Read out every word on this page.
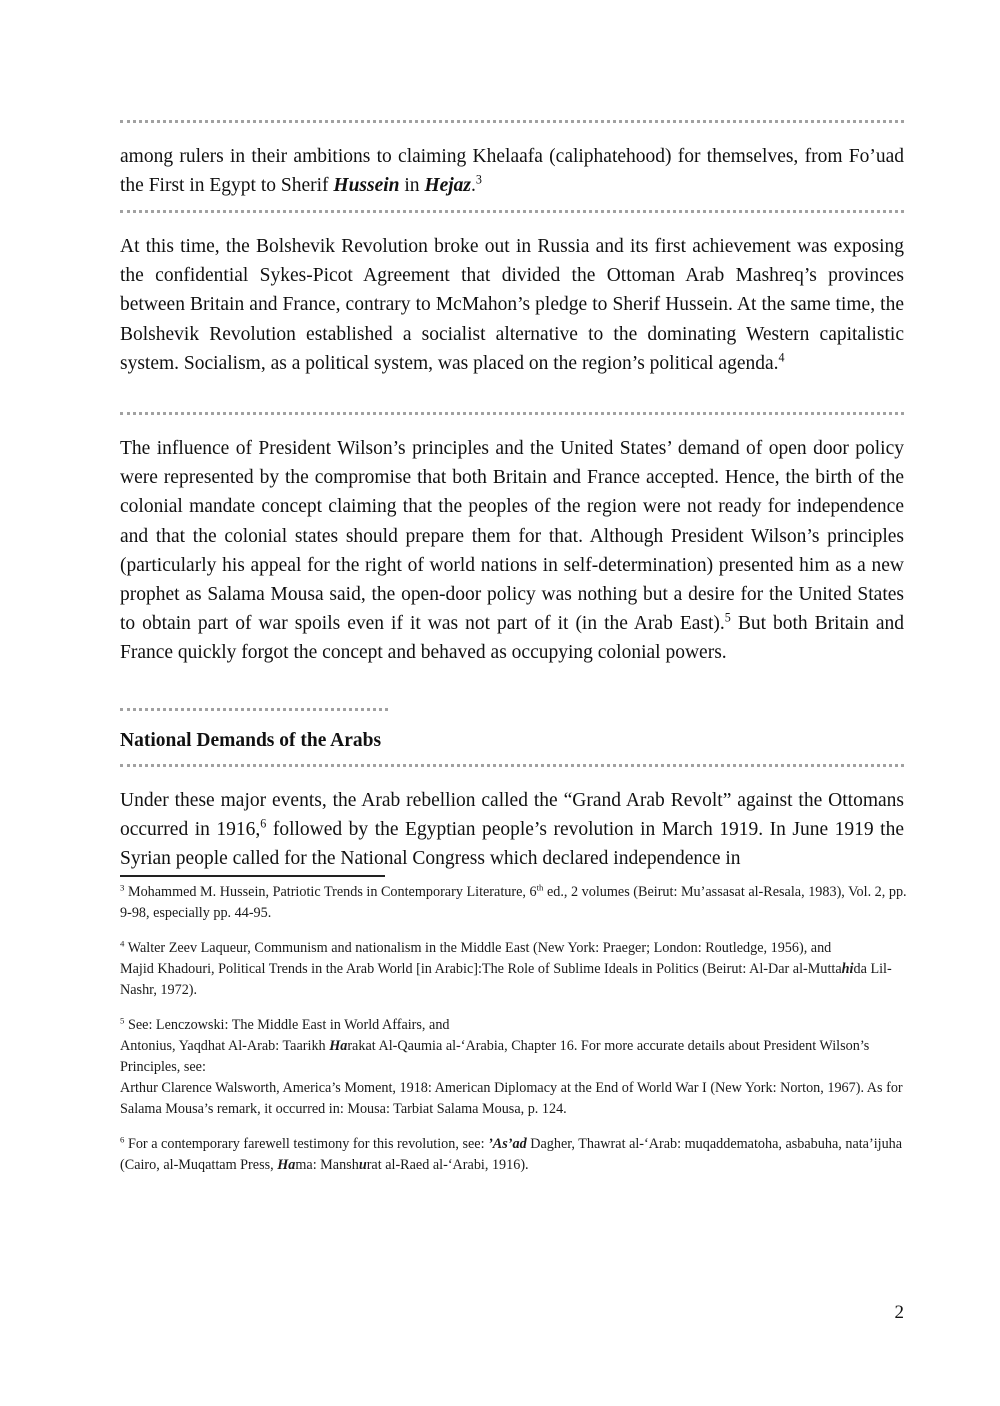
among rulers in their ambitions to claiming Khelaafa (caliphatehood) for themselves, from Fo’uad the First in Egypt to Sherif Hussein in Hejaz.$^3$

At this time, the Bolshevik Revolution broke out in Russia and its first achievement was exposing the confidential Sykes-Picot Agreement that divided the Ottoman Arab Mashreq’s provinces between Britain and France, contrary to McMahon’s pledge to Sherif Hussein. At the same time, the Bolshevik Revolution established a socialist alternative to the dominating Western capitalistic system. Socialism, as a political system, was placed on the region’s political agenda.$^4$

The influence of President Wilson’s principles and the United States’ demand of open door policy were represented by the compromise that both Britain and France accepted. Hence, the birth of the colonial mandate concept claiming that the peoples of the region were not ready for independence and that the colonial states should prepare them for that. Although President Wilson’s principles (particularly his appeal for the right of world nations in self-determination) presented him as a new prophet as Salama Mousa said, the open-door policy was nothing but a desire for the United States to obtain part of war spoils even if it was not part of it (in the Arab East).$^5$ But both Britain and France quickly forgot the concept and behaved as occupying colonial powers.

National Demands of the Arabs

Under these major events, the Arab rebellion called the “Grand Arab Revolt” against the Ottomans occurred in 1916,$^6$ followed by the Egyptian people’s revolution in March 1919. In June 1919 the Syrian people called for the National Congress which declared independence in

$^3$ Mohammed M. Hussein, Patriotic Trends in Contemporary Literature, 6th ed., 2 volumes (Beirut: Mu’assasat al-Resala, 1983), Vol. 2, pp. 9-98, especially pp. 44-95.

$^4$ Walter Zeev Laqueur, Communism and nationalism in the Middle East (New York: Praeger; London: Routledge, 1956), and

Majid Khadouri, Political Trends in the Arab World [in Arabic]:The Role of Sublime Ideals in Politics (Beirut: Al-Dar al-Muttahida Lil-Nashr, 1972).

$^5$ See: Lenczowski: The Middle East in World Affairs, and

Antonius, Yaqdhat Al-Arab: Taarikh Harakat Al-Qaumia al-‘Arabia, Chapter 16. For more accurate details about President Wilson’s Principles, see:

Arthur Clarence Walsworth, America’s Moment, 1918: American Diplomacy at the End of World War I (New York: Norton, 1967). As for Salama Mousa’s remark, it occurred in: Mousa: Tarbiat Salama Mousa, p. 124.

$^6$ For a contemporary farewell testimony for this revolution, see: ’As’ad Dagher, Thawrat al-‘Arab: muqaddematoha, asbabuha, nata’ijuha (Cairo, al-Muqattam Press, Hama: Manshurat al-Raed al-‘Arabi, 1916).

2
